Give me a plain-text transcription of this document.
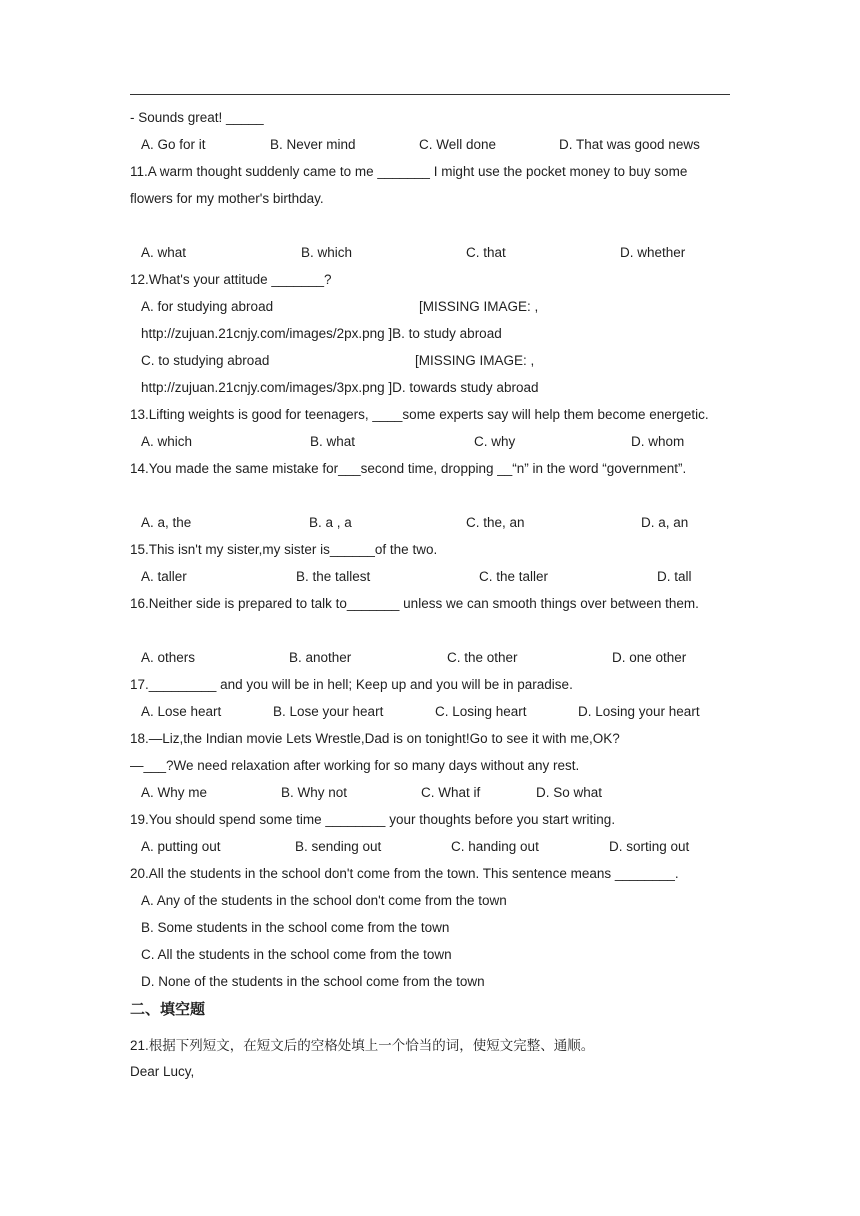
- Sounds great! _____
A. Go for it	B. Never mind	C. Well done	D. That was good news
11.A warm thought suddenly came to me _______ I might use the pocket money to buy some
flowers for my mother's birthday.
A. what	B. which	C. that	D. whether
12.What's your attitude _______?
A. for studying abroad	[MISSING IMAGE: ,
http://zujuan.21cnjy.com/images/2px.png ]B. to study abroad
C. to studying abroad	[MISSING IMAGE: ,
http://zujuan.21cnjy.com/images/3px.png ]D. towards study abroad
13.Lifting weights is good for teenagers, ____some experts say will help them become energetic.
A. which	B. what	C. why	D. whom
14.You made the same mistake for___second time, dropping __“n” in the word “government”.
A. a, the	B. a , a	C. the, an	D. a, an
15.This isn't my sister,my sister is______of the two.
A. taller	B. the tallest	C. the taller	D. tall
16.Neither side is prepared to talk to_______ unless we can smooth things over between them.
A. others	B. another	C. the other	D. one other
17._________ and you will be in hell; Keep up and you will be in paradise.
A. Lose heart	B. Lose your heart	C. Losing heart	D. Losing your heart
18.—Liz,the Indian movie Lets Wrestle,Dad is on tonight!Go to see it with me,OK?
—___?We need relaxation after working for so many days without any rest.
A. Why me	B. Why not	C. What if	D. So what
19.You should spend some time ________ your thoughts before you start writing.
A. putting out	B. sending out	C. handing out	D. sorting out
20.All the students in the school don't come from the town. This sentence means ________.
A. Any of the students in the school don't come from the town
B. Some students in the school come from the town
C. All the students in the school come from the town
D. None of the students in the school come from the town
二、填空题
21.根据下列短文，在短文后的空格处填上一个恰当的词，使短文完整、通顺。
Dear Lucy,
